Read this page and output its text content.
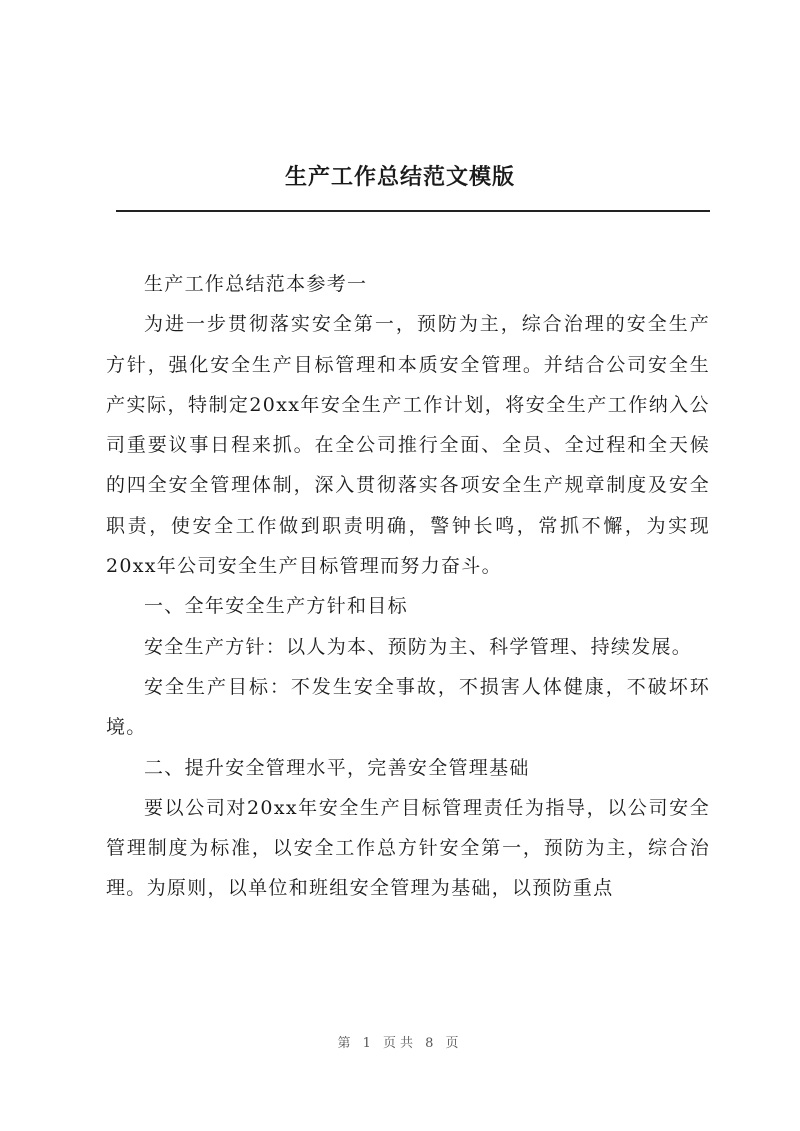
生产工作总结范文模版

生产工作总结范本参考一

为进一步贯彻落实安全第一，预防为主，综合治理的安全生产方针，强化安全生产目标管理和本质安全管理。并结合公司安全生产实际，特制定20xx年安全生产工作计划，将安全生产工作纳入公司重要议事日程来抓。在全公司推行全面、全员、全过程和全天候的四全安全管理体制，深入贯彻落实各项安全生产规章制度及安全职责，使安全工作做到职责明确，警钟长鸣，常抓不懈，为实现20xx年公司安全生产目标管理而努力奋斗。

一、全年安全生产方针和目标

安全生产方针：以人为本、预防为主、科学管理、持续发展。

安全生产目标：不发生安全事故，不损害人体健康，不破坏环境。

二、提升安全管理水平，完善安全管理基础

要以公司对20xx年安全生产目标管理责任为指导，以公司安全管理制度为标准，以安全工作总方针安全第一，预防为主，综合治理。为原则，以单位和班组安全管理为基础，以预防重点

第 1 页共 8 页
